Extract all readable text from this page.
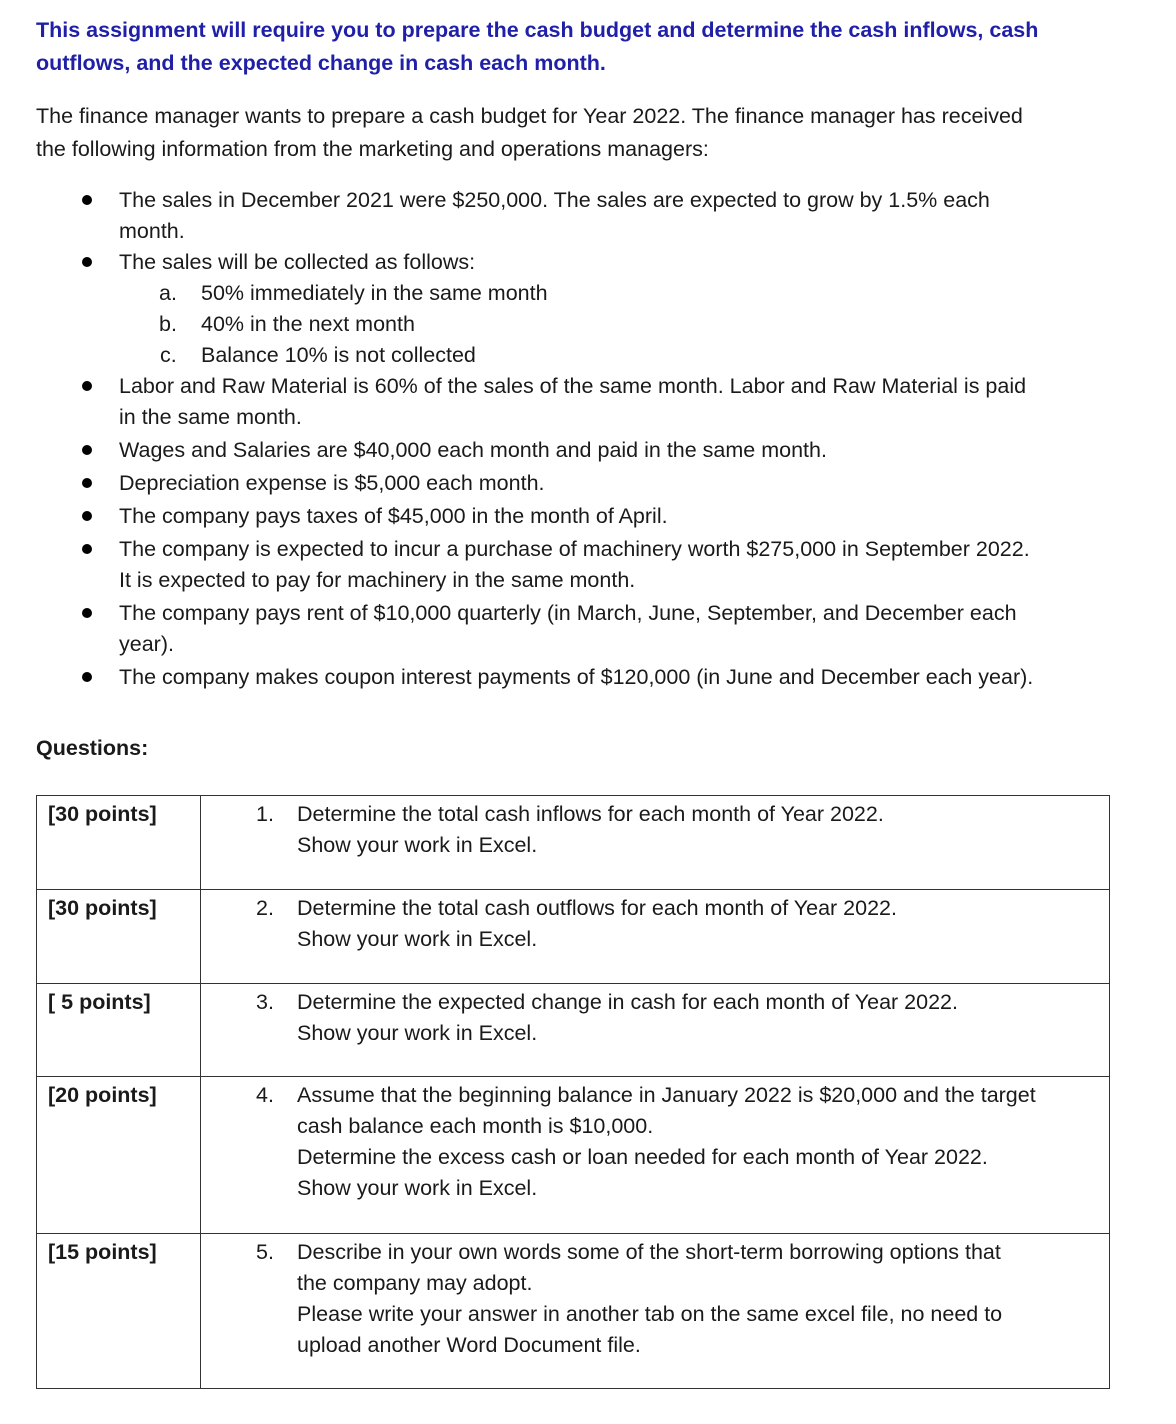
This assignment will require you to prepare the cash budget and determine the cash inflows, cash
outflows, and the expected change in cash each month.

The finance manager wants to prepare a cash budget for Year 2022. The finance manager has received
the following information from the marketing and operations managers:

The sales in December 2021 were $250,000. The sales are expected to grow by 1.5% each
month.
The sales will be collected as follows:
a.	50% immediately in the same month
b.	40% in the next month
c.	Balance 10% is not collected
Labor and Raw Material is 60% of the sales of the same month. Labor and Raw Material is paid
in the same month.
Wages and Salaries are $40,000 each month and paid in the same month.
Depreciation expense is $5,000 each month.
The company pays taxes of $45,000 in the month of April.
The company is expected to incur a purchase of machinery worth $275,000 in September 2022.
It is expected to pay for machinery in the same month.
The company pays rent of $10,000 quarterly (in March, June, September, and December each
year).
The company makes coupon interest payments of $120,000 (in June and December each year).
Questions:
[30 points]	1. Determine the total cash inflows for each month of Year 2022.
Show your work in Excel.

[30 points]	2. Determine the total cash outflows for each month of Year 2022.
Show your work in Excel.

[ 5 points]	3. Determine the expected change in cash for each month of Year 2022.
Show your work in Excel.

[20 points]	4. Assume that the beginning balance in January 2022 is $20,000 and the target
cash balance each month is $10,000.
Determine the excess cash or loan needed for each month of Year 2022.
Show your work in Excel.

[15 points]	5. Describe in your own words some of the short-term borrowing options that
the company may adopt.
Please write your answer in another tab on the same excel file, no need to
upload another Word Document file.
